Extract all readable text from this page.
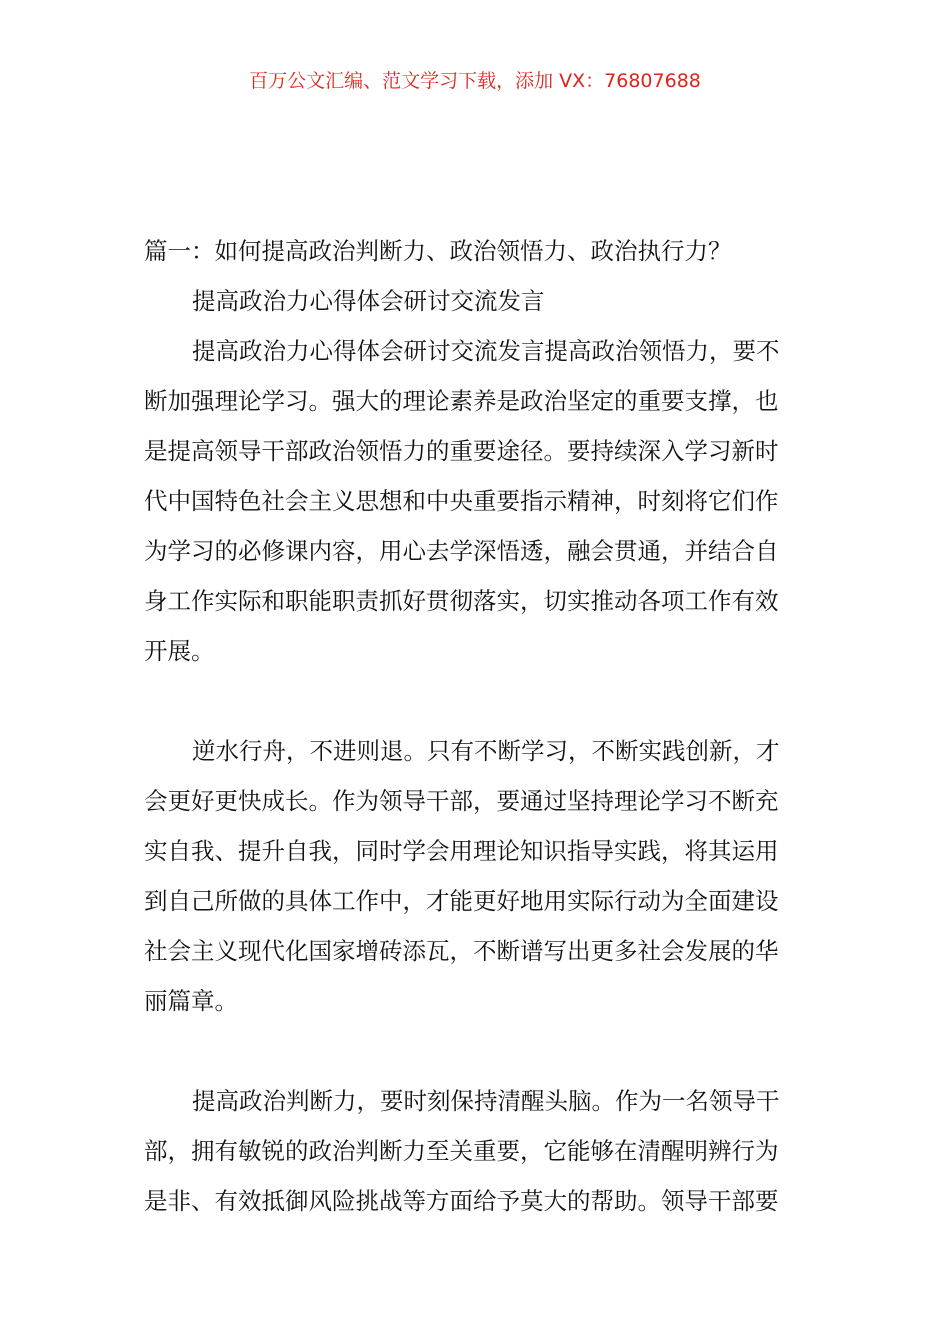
百万公文汇编、范文学习下载，添加 VX：76807688
篇一：如何提高政治判断力、政治领悟力、政治执行力？
提高政治力心得体会研讨交流发言
提高政治力心得体会研讨交流发言提高政治领悟力，要不
断加强理论学习。强大的理论素养是政治坚定的重要支撑，也
是提高领导干部政治领悟力的重要途径。要持续深入学习新时
代中国特色社会主义思想和中央重要指示精神，时刻将它们作
为学习的必修课内容，用心去学深悟透，融会贯通，并结合自
身工作实际和职能职责抓好贯彻落实，切实推动各项工作有效
开展。
逆水行舟，不进则退。只有不断学习，不断实践创新，才
会更好更快成长。作为领导干部，要通过坚持理论学习不断充
实自我、提升自我，同时学会用理论知识指导实践，将其运用
到自己所做的具体工作中，才能更好地用实际行动为全面建设
社会主义现代化国家增砖添瓦，不断谱写出更多社会发展的华
丽篇章。
提高政治判断力，要时刻保持清醒头脑。作为一名领导干
部，拥有敏锐的政治判断力至关重要，它能够在清醒明辨行为
是非、有效抵御风险挑战等方面给予莫大的帮助。领导干部要
